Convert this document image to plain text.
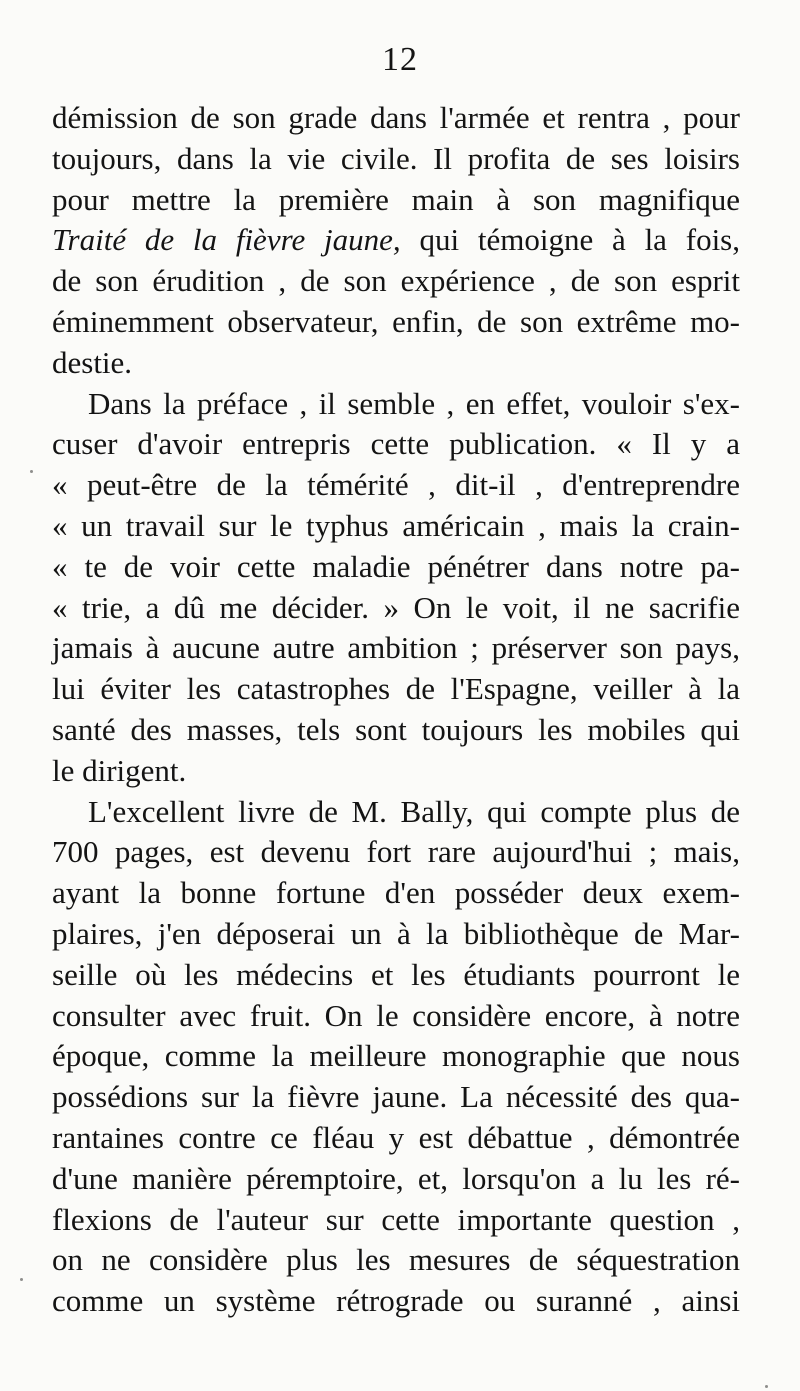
12
démission de son grade dans l'armée et rentra , pour
toujours, dans la vie civile. Il profita de ses loisirs
pour mettre la première main à son magnifique
Traité de la fièvre jaune, qui témoigne à la fois,
de son érudition , de son expérience , de son esprit
éminemment observateur, enfin, de son extrême mo-
destie.
Dans la préface , il semble , en effet, vouloir s'ex-
cuser d'avoir entrepris cette publication. « Il y a
« peut-être de la témérité , dit-il , d'entreprendre
« un travail sur le typhus américain , mais la crain-
« te de voir cette maladie pénétrer dans notre pa-
« trie, a dû me décider. » On le voit, il ne sacrifie
jamais à aucune autre ambition ; préserver son pays,
lui éviter les catastrophes de l'Espagne, veiller à la
santé des masses, tels sont toujours les mobiles qui
le dirigent.
L'excellent livre de M. Bally, qui compte plus de
700 pages, est devenu fort rare aujourd'hui ; mais,
ayant la bonne fortune d'en posséder deux exem-
plaires, j'en déposerai un à la bibliothèque de Mar-
seille où les médecins et les étudiants pourront le
consulter avec fruit. On le considère encore, à notre
époque, comme la meilleure monographie que nous
possédions sur la fièvre jaune. La nécessité des qua-
rantaines contre ce fléau y est débattue , démontrée
d'une manière péremptoire, et, lorsqu'on a lu les ré-
flexions de l'auteur sur cette importante question ,
on ne considère plus les mesures de séquestration
comme un système rétrograde ou suranné , ainsi
